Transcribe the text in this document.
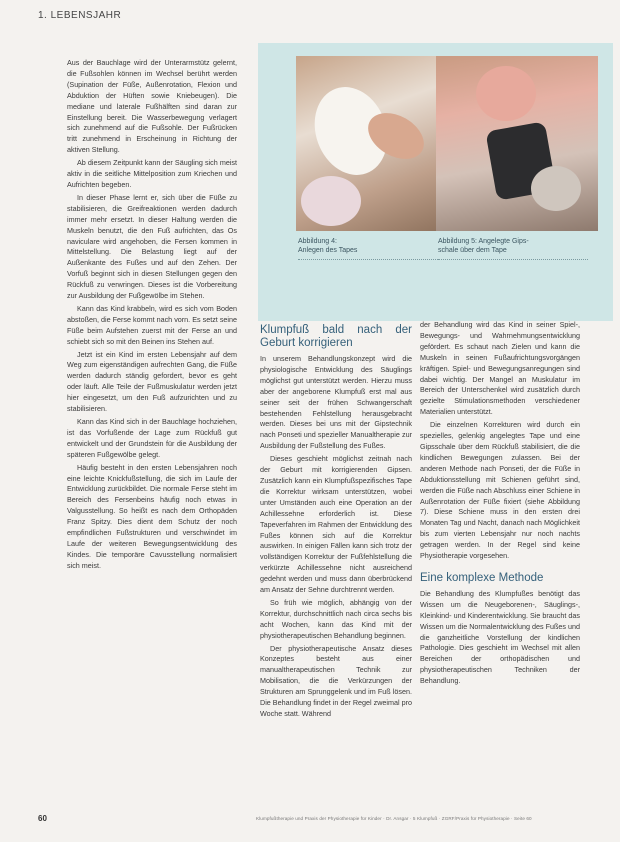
1. LEBENSJAHR

Aus der Bauchlage wird der Unterarmstütz gelernt, die Fußsohlen können im Wechsel berührt werden (Supination der Füße, Außenrotation, Flexion und Abduktion der Hüften sowie Kniebeugen). Die mediane und laterale Fußhälften sind daran zur Einstellung bereit. Die Wasserbewegung verlagert sich zunehmend auf die Fußsohle. Der Fußrücken tritt zunehmend in Erscheinung in Richtung der aktiven Stellung.

Ab diesem Zeitpunkt kann der Säugling sich meist aktiv in die seitliche Mittelposition zum Kriechen und Aufrichten begeben.

In dieser Phase lernt er, sich über die Füße zu stabilisieren, die Greifreaktionen werden dadurch immer mehr ersetzt. In dieser Haltung werden die Muskeln benutzt, die den Fuß aufrichten, das Os naviculare wird angehoben, die Fersen kommen in Mittelstellung. Die Belastung liegt auf der Außenkante des Fußes und auf den Zehen. Der Vorfuß beginnt sich in diesen Stellungen gegen den Rückfuß zu verwringen. Dieses ist die Vorbereitung zur Ausbildung der Fußgewölbe im Stehen.

Kann das Kind krabbeln, wird es sich vom Boden abstoßen, die Ferse kommt nach vorn. Es setzt seine Füße beim Aufstehen zuerst mit der Ferse an und schiebt sich so mit den Beinen ins Stehen auf.

Jetzt ist ein Kind im ersten Lebensjahr auf dem Weg zum eigenständigen aufrechten Gang, die Füße werden dadurch ständig gefordert, bevor es geht oder läuft. Alle Teile der Fußmuskulatur werden jetzt hier eingesetzt, um den Fuß aufzurichten und zu stabilisieren.

Kann das Kind sich in der Bauchlage hochziehen, ist das Vorfußende der Lage zum Rückfuß gut entwickelt und der Grundstein für die Ausbildung der späteren Fußgewölbe gelegt.

Häufig besteht in den ersten Lebensjahren noch eine leichte Knickfußstellung, die sich im Laufe der Entwicklung zurückbildet. Die normale Ferse steht im Bereich des Fersenbeins häufig noch etwas in Valgusstellung. So heißt es nach dem Orthopäden Franz Spitzy. Dies dient dem Schutz der noch empfindlichen Fußstrukturen und verschwindet im Laufe der weiteren Bewegungsentwicklung des Kindes. Die temporäre Cavusstellung normalisiert sich meist.

Abbildung 4:
Anlegen des Tapes
Abbildung 5: Angelegte Gips-
schale über dem Tape
Klumpfuß bald nach der Geburt korrigieren

In unserem Behandlungskonzept wird die physiologische Entwicklung des Säuglings möglichst gut unterstützt werden. Hierzu muss aber der angeborene Klumpfuß erst mal aus seiner seit der frühen Schwangerschaft bestehenden Fehlstellung herausgebracht werden. Dieses bei uns mit der Gipstechnik nach Ponseti und spezieller Manualtherapie zur Ausbildung der Fußstellung des Fußes.

Dieses geschieht möglichst zeitnah nach der Geburt mit korrigierenden Gipsen. Zusätzlich kann ein Klumpfußspezifisches Tape die Korrektur wirksam unterstützen, wobei unter Umständen auch eine Operation an der Achillessehne erforderlich ist. Diese Tapeverfahren im Rahmen der Entwicklung des Fußes können sich auf die Korrektur auswirken. In einigen Fällen kann sich trotz der vollständigen Korrektur der Fußfehlstellung die verkürzte Achillessehne nicht ausreichend gedehnt werden und muss dann überbrückend am Ansatz der Sehne durchtrennt werden.

So früh wie möglich, abhängig von der Korrektur, durchschnittlich nach circa sechs bis acht Wochen, kann das Kind mit der physiotherapeutischen Behandlung beginnen.

Der physiotherapeutische Ansatz dieses Konzeptes besteht aus einer manualtherapeutischen Technik zur Mobilisation, die die Verkürzungen der Strukturen am Sprunggelenk und im Fuß lösen. Die Behandlung findet in der Regel zweimal pro Woche statt. Während

der Behandlung wird das Kind in seiner Spiel-, Bewegungs- und Wahrnehmungsentwicklung gefördert. Es schaut nach Zielen und kann die Muskeln in seinen Fußaufrichtungsvorgängen kräftigen. Spiel- und Bewegungsanregungen sind dabei wichtig. Der Mangel an Muskulatur im Bereich der Unterschenkel wird zusätzlich durch gezielte Stimulationsmethoden verschiedener Materialien unterstützt.

Die einzelnen Korrekturen wird durch ein spezielles, gelenkig angelegtes Tape und eine Gipsschale über dem Rückfuß stabilisiert, die die kindlichen Bewegungen zulassen. Bei der anderen Methode nach Ponseti, der die Füße in Abduktionsstellung mit Schienen geführt sind, werden die Füße nach Abschluss einer Schiene in Außenrotation der Füße fixiert (siehe Abbildung 7). Diese Schiene muss in den ersten drei Monaten Tag und Nacht, danach nach Möglichkeit bis zum vierten Lebensjahr nur noch nachts getragen werden. In der Regel sind keine Physiotherapie vorgesehen.

Eine komplexe Methode

Die Behandlung des Klumpfußes benötigt das Wissen um die Neugeborenen-, Säuglings-, Kleinkind- und Kinderentwicklung. Sie braucht das Wissen um die Normalentwicklung des Fußes und die ganzheitliche Vorstellung der kindlichen Pathologie. Dies geschieht im Wechsel mit allen Bereichen der orthopädischen und physiotherapeutischen Techniken der Behandlung.

60	Klumpfußtherapie und Praxis der Physiotherapie für Kinder · Dr. Ansgar · 5 Klumpfuß · ZGRF/Praxis für Physiotherapie · Seite 60
